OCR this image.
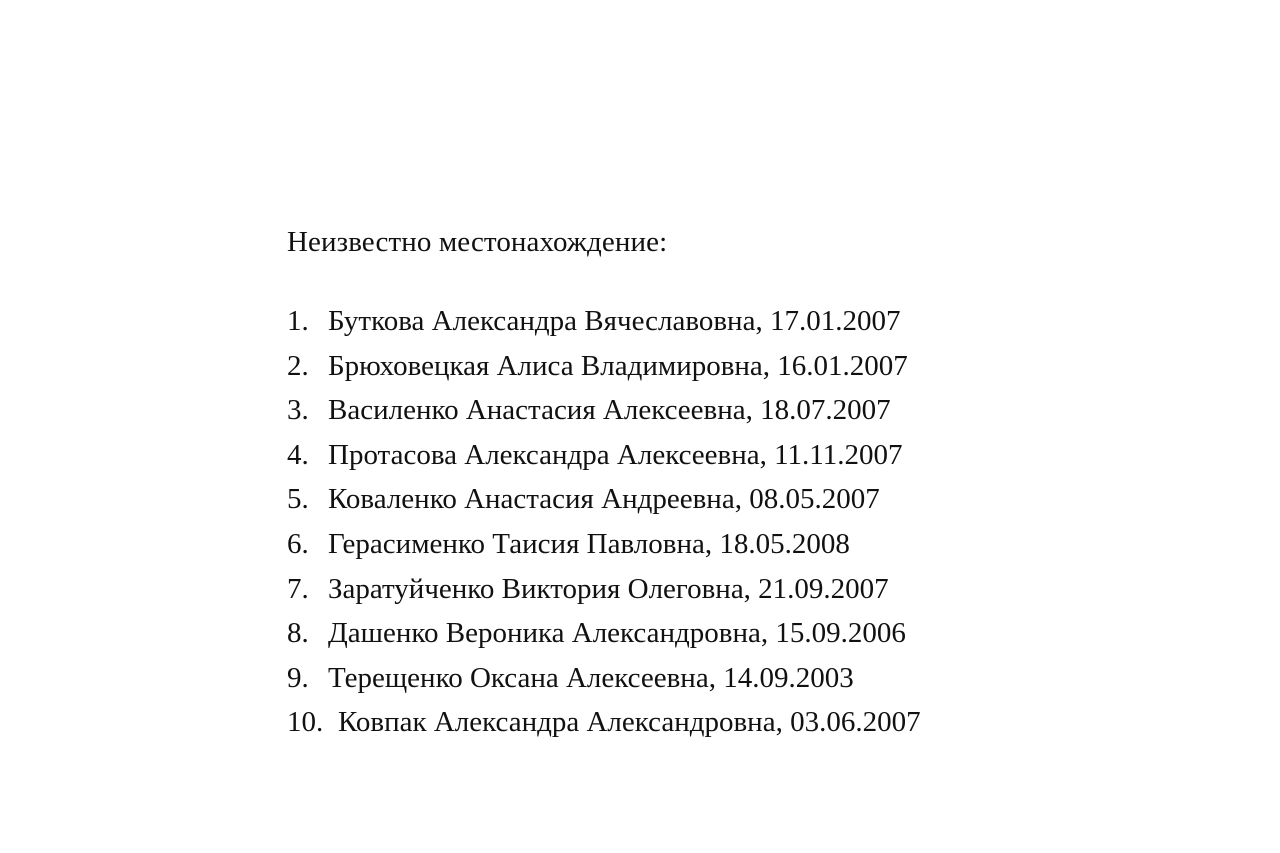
Неизвестно местонахождение:

1. Буткова Александра Вячеславовна, 17.01.2007
2. Брюховецкая Алиса Владимировна, 16.01.2007
3. Василенко Анастасия Алексеевна, 18.07.2007
4. Протасова Александра Алексеевна, 11.11.2007
5. Коваленко Анастасия Андреевна, 08.05.2007
6. Герасименко Таисия Павловна, 18.05.2008
7. Заратуйченко Виктория Олеговна, 21.09.2007
8. Дашенко Вероника Александровна, 15.09.2006
9. Терещенко Оксана Алексеевна, 14.09.2003
10. Ковпак Александра Александровна, 03.06.2007
